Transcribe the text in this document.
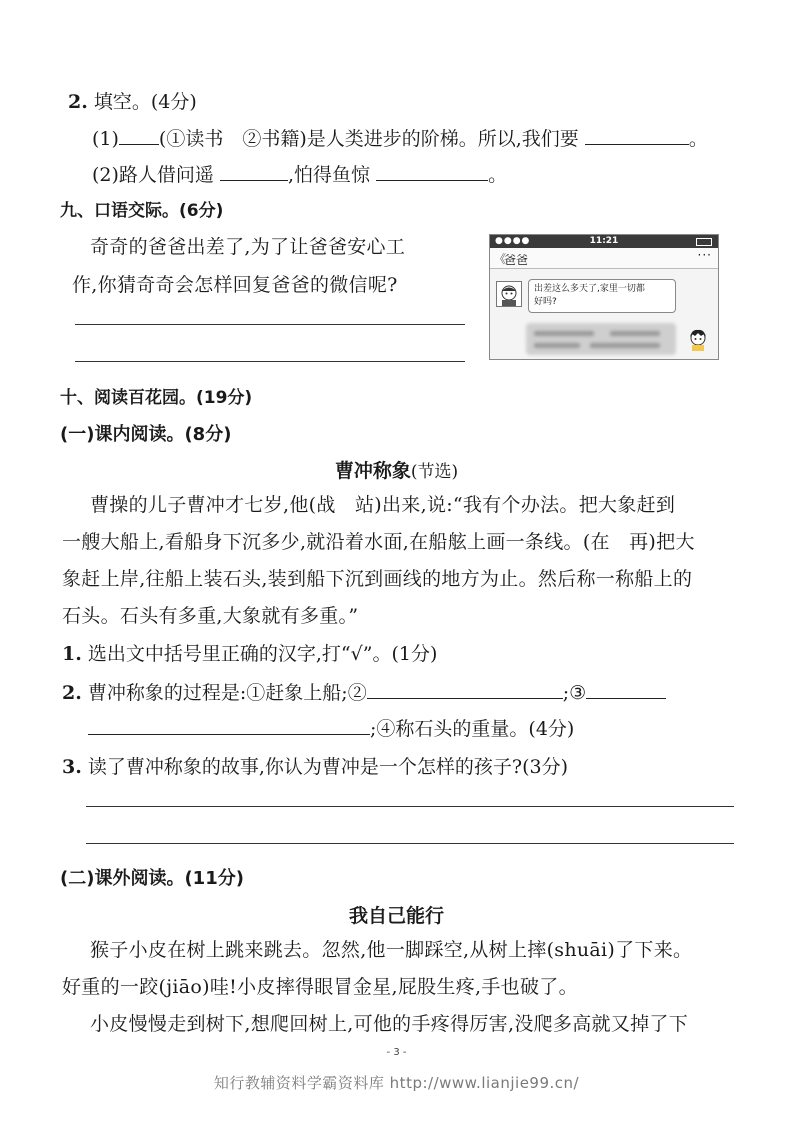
2. 填空。(4分)
(1) (①读书　②书籍)是人类进步的阶梯。所以,我们要	。
(2)路人借问遥	,怕得鱼惊	。
九、口语交际。(6分)
奇奇的爸爸出差了,为了让爸爸安心工
作,你猜奇奇会怎样回复爸爸的微信呢?
●●●●	11:21
《
爸爸	···
出差这么多天了,家里一切都
好吗?
十、阅读百花园。(19分)
(一)课内阅读。(8分)
曹冲称象(节选)
曹操的儿子曹冲才七岁,他(战　站)出来,说:“我有个办法。把大象赶到
一艘大船上,看船身下沉多少,就沿着水面,在船舷上画一条线。(在　再)把大
象赶上岸,往船上装石头,装到船下沉到画线的地方为止。然后称一称船上的
石头。石头有多重,大象就有多重。”
1. 选出文中括号里正确的汉字,打“√”。(1分)
2. 曹冲称象的过程是:①赶象上船;②	;③
;④称石头的重量。(4分)
3. 读了曹冲称象的故事,你认为曹冲是一个怎样的孩子?(3分)
(二)课外阅读。(11分)
我自己能行
猴子小皮在树上跳来跳去。忽然,他一脚踩空,从树上摔(shuāi)了下来。
好重的一跤(jiāo)哇!小皮摔得眼冒金星,屁股生疼,手也破了。
小皮慢慢走到树下,想爬回树上,可他的手疼得厉害,没爬多高就又掉了下
- 3 -
知行教辅资料学霸资料库 http://www.lianjie99.cn/
